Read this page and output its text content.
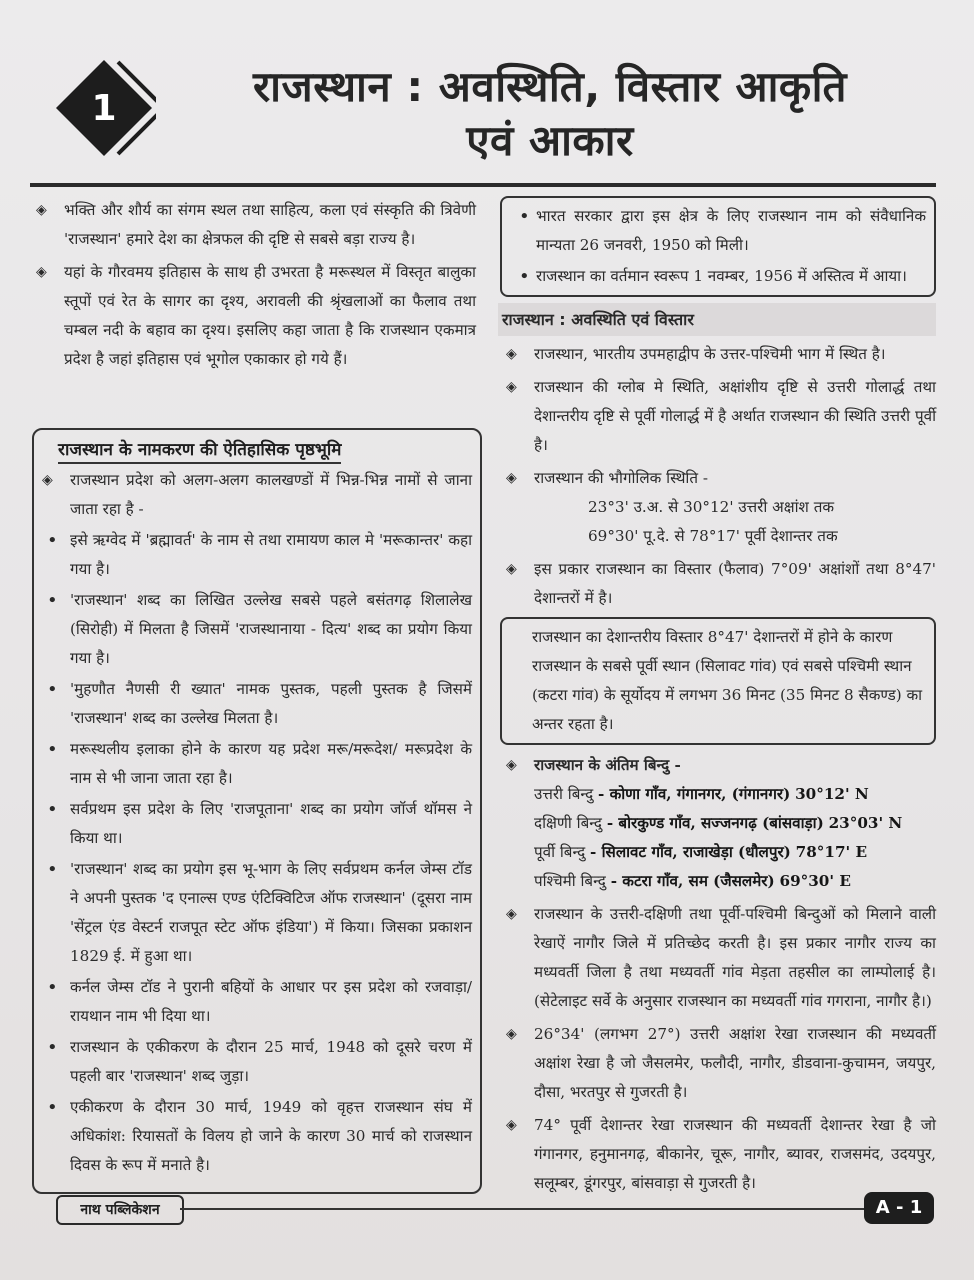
1	राजस्थान : अवस्थिति, विस्तार आकृति
एवं आकार
◈ भक्ति और शौर्य का संगम स्थल तथा साहित्य, कला एवं संस्कृति की त्रिवेणी 'राजस्थान' हमारे देश का क्षेत्रफल की दृष्टि से सबसे बड़ा राज्य है।
◈ यहां के गौरवमय इतिहास के साथ ही उभरता है मरूस्थल में विस्तृत बालुका स्तूपों एवं रेत के सागर का दृश्य, अरावली की श्रृंखलाओं का फैलाव तथा चम्बल नदी के बहाव का दृश्य। इसलिए कहा जाता है कि राजस्थान एकमात्र प्रदेश है जहां इतिहास एवं भूगोल एकाकार हो गये हैं।
राजस्थान के नामकरण की ऐतिहासिक पृष्ठभूमि
◈ राजस्थान प्रदेश को अलग-अलग कालखण्डों में भिन्न-भिन्न नामों से जाना जाता रहा है -
• इसे ऋग्वेद में 'ब्रह्मावर्त' के नाम से तथा रामायण काल मे 'मरूकान्तर' कहा गया है।
• 'राजस्थान' शब्द का लिखित उल्लेख सबसे पहले बसंतगढ़ शिलालेख (सिरोही) में मिलता है जिसमें 'राजस्थानाया - दित्य' शब्द का प्रयोग किया गया है।
• 'मुहणौत नैणसी री ख्यात' नामक पुस्तक, पहली पुस्तक है जिसमें 'राजस्थान' शब्द का उल्लेख मिलता है।
• मरूस्थलीय इलाका होने के कारण यह प्रदेश मरू/मरूदेश/ मरूप्रदेश के नाम से भी जाना जाता रहा है।
• सर्वप्रथम इस प्रदेश के लिए 'राजपूताना' शब्द का प्रयोग जॉर्ज थॉमस ने किया था।
• 'राजस्थान' शब्द का प्रयोग इस भू-भाग के लिए सर्वप्रथम कर्नल जेम्स टॉड ने अपनी पुस्तक 'द एनाल्स एण्ड एंटिक्विटिज ऑफ राजस्थान' (दूसरा नाम 'सेंट्रल एंड वेस्टर्न राजपूत स्टेट ऑफ इंडिया') में किया। जिसका प्रकाशन 1829 ई. में हुआ था।
• कर्नल जेम्स टॉड ने पुरानी बहियों के आधार पर इस प्रदेश को रजवाड़ा/रायथान नाम भी दिया था।
• राजस्थान के एकीकरण के दौरान 25 मार्च, 1948 को दूसरे चरण में पहली बार 'राजस्थान' शब्द जुड़ा।
• एकीकरण के दौरान 30 मार्च, 1949 को वृहत्त राजस्थान संघ में अधिकांश: रियासतों के विलय हो जाने के कारण 30 मार्च को राजस्थान दिवस के रूप में मनाते है।
• भारत सरकार द्वारा इस क्षेत्र के लिए राजस्थान नाम को संवैधानिक मान्यता 26 जनवरी, 1950 को मिली।
• राजस्थान का वर्तमान स्वरूप 1 नवम्बर, 1956 में अस्तित्व में आया।
राजस्थान : अवस्थिति एवं विस्तार
◈ राजस्थान, भारतीय उपमहाद्वीप के उत्तर-पश्चिमी भाग में स्थित है।
◈ राजस्थान की ग्लोब मे स्थिति, अक्षांशीय दृष्टि से उत्तरी गोलार्द्ध तथा देशान्तरीय दृष्टि से पूर्वी गोलार्द्ध में है अर्थात राजस्थान की स्थिति उत्तरी पूर्वी है।
◈ राजस्थान की भौगोलिक स्थिति -
23°3' उ.अ. से 30°12' उत्तरी अक्षांश तक
69°30' पू.दे. से 78°17' पूर्वी देशान्तर तक
◈ इस प्रकार राजस्थान का विस्तार (फैलाव) 7°09' अक्षांशों तथा 8°47' देशान्तरों में है।
राजस्थान का देशान्तरीय विस्तार 8°47' देशान्तरों में होने के कारण राजस्थान के सबसे पूर्वी स्थान (सिलावट गांव) एवं सबसे पश्चिमी स्थान (कटरा गांव) के सूर्योदय में लगभग 36 मिनट (35 मिनट 8 सैकण्ड) का अन्तर रहता है।
◈ राजस्थान के अंतिम बिन्दु -
उत्तरी बिन्दु - कोणा गाँव, गंगानगर, (गंगानगर) 30°12' N
दक्षिणी बिन्दु - बोरकुण्ड गाँव, सज्जनगढ़ (बांसवाड़ा) 23°03' N
पूर्वी बिन्दु - सिलावट गाँव, राजाखेड़ा (धौलपुर) 78°17' E
पश्चिमी बिन्दु - कटरा गाँव, सम (जैसलमेर) 69°30' E
◈ राजस्थान के उत्तरी-दक्षिणी तथा पूर्वी-पश्चिमी बिन्दुओं को मिलाने वाली रेखाऐं नागौर जिले में प्रतिच्छेद करती है। इस प्रकार नागौर राज्य का मध्यवर्ती जिला है तथा मध्यवर्ती गांव मेड़ता तहसील का लाम्पोलाई है। (सेटेलाइट सर्वे के अनुसार राजस्थान का मध्यवर्ती गांव गगराना, नागौर है।)
◈ 26°34' (लगभग 27°) उत्तरी अक्षांश रेखा राजस्थान की मध्यवर्ती अक्षांश रेखा है जो जैसलमेर, फलौदी, नागौर, डीडवाना-कुचामन, जयपुर, दौसा, भरतपुर से गुजरती है।
◈ 74° पूर्वी देशान्तर रेखा राजस्थान की मध्यवर्ती देशान्तर रेखा है जो गंगानगर, हनुमानगढ़, बीकानेर, चूरू, नागौर, ब्यावर, राजसमंद, उदयपुर, सलूम्बर, डूंगरपुर, बांसवाड़ा से गुजरती है।
नाथ पब्लिकेशन	A - 1
